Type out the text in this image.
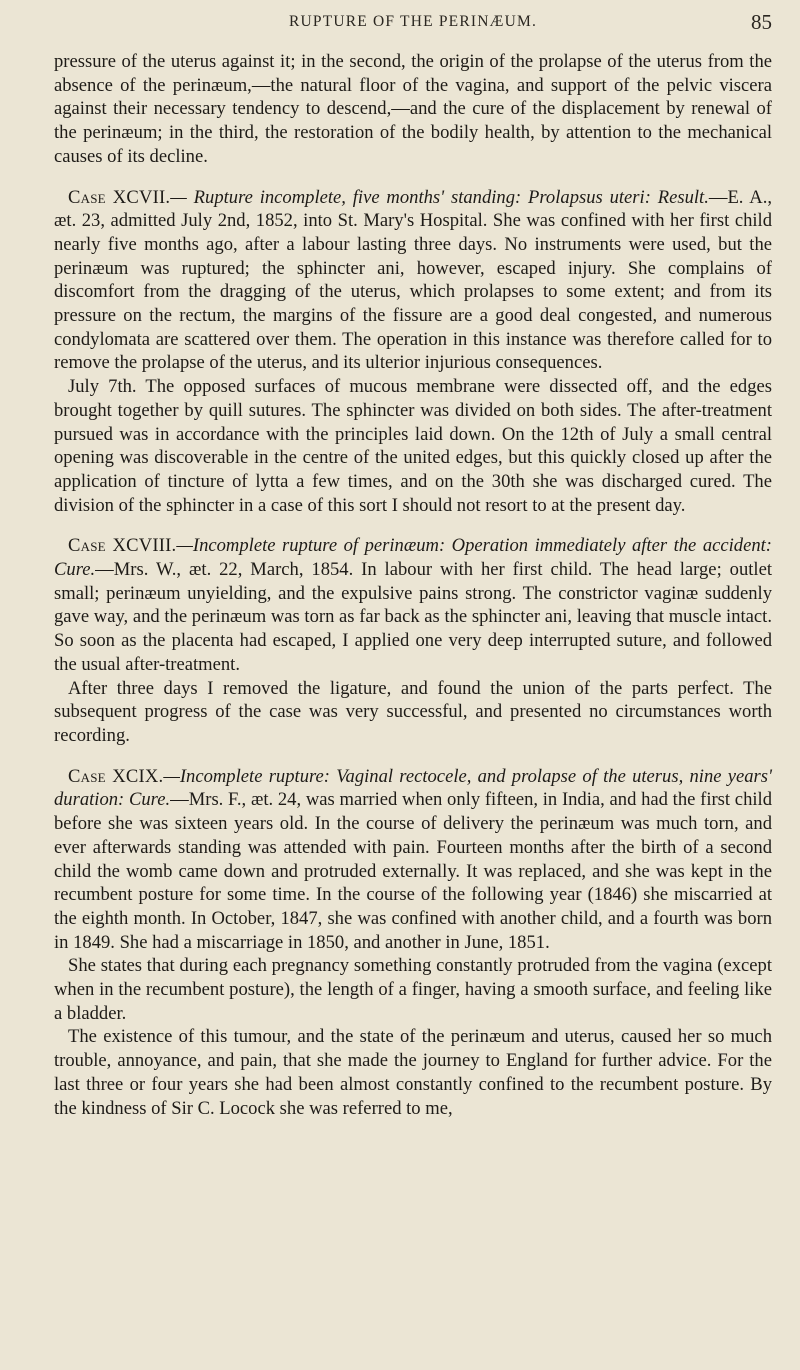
RUPTURE OF THE PERINÆUM.	85

pressure of the uterus against it; in the second, the origin of the prolapse of the uterus from the absence of the perinæum,—the natural floor of the vagina, and support of the pelvic viscera against their necessary tendency to descend,—and the cure of the displacement by renewal of the perinæum; in the third, the restoration of the bodily health, by attention to the mechanical causes of its decline.

Case XCVII.— Rupture incomplete, five months' standing: Prolapsus uteri: Result.—E. A., æt. 23, admitted July 2nd, 1852, into St. Mary's Hospital. She was confined with her first child nearly five months ago, after a labour lasting three days. No instruments were used, but the perinæum was ruptured; the sphincter ani, however, escaped injury. She complains of discomfort from the dragging of the uterus, which prolapses to some extent; and from its pressure on the rectum, the margins of the fissure are a good deal congested, and numerous condylomata are scattered over them. The operation in this instance was therefore called for to remove the prolapse of the uterus, and its ulterior injurious consequences.

July 7th. The opposed surfaces of mucous membrane were dissected off, and the edges brought together by quill sutures. The sphincter was divided on both sides. The after-treatment pursued was in accordance with the principles laid down. On the 12th of July a small central opening was discoverable in the centre of the united edges, but this quickly closed up after the application of tincture of lytta a few times, and on the 30th she was discharged cured. The division of the sphincter in a case of this sort I should not resort to at the present day.

Case XCVIII.—Incomplete rupture of perinæum: Operation immediately after the accident: Cure.—Mrs. W., æt. 22, March, 1854. In labour with her first child. The head large; outlet small; perinæum unyielding, and the expulsive pains strong. The constrictor vaginæ suddenly gave way, and the perinæum was torn as far back as the sphincter ani, leaving that muscle intact. So soon as the placenta had escaped, I applied one very deep interrupted suture, and followed the usual after-treatment.

After three days I removed the ligature, and found the union of the parts perfect. The subsequent progress of the case was very successful, and presented no circumstances worth recording.

Case XCIX.—Incomplete rupture: Vaginal rectocele, and prolapse of the uterus, nine years' duration: Cure.—Mrs. F., æt. 24, was married when only fifteen, in India, and had the first child before she was sixteen years old. In the course of delivery the perinæum was much torn, and ever afterwards standing was attended with pain. Fourteen months after the birth of a second child the womb came down and protruded externally. It was replaced, and she was kept in the recumbent posture for some time. In the course of the following year (1846) she miscarried at the eighth month. In October, 1847, she was confined with another child, and a fourth was born in 1849. She had a miscarriage in 1850, and another in June, 1851.

She states that during each pregnancy something constantly protruded from the vagina (except when in the recumbent posture), the length of a finger, having a smooth surface, and feeling like a bladder.

The existence of this tumour, and the state of the perinæum and uterus, caused her so much trouble, annoyance, and pain, that she made the journey to England for further advice. For the last three or four years she had been almost constantly confined to the recumbent posture. By the kindness of Sir C. Locock she was referred to me,
